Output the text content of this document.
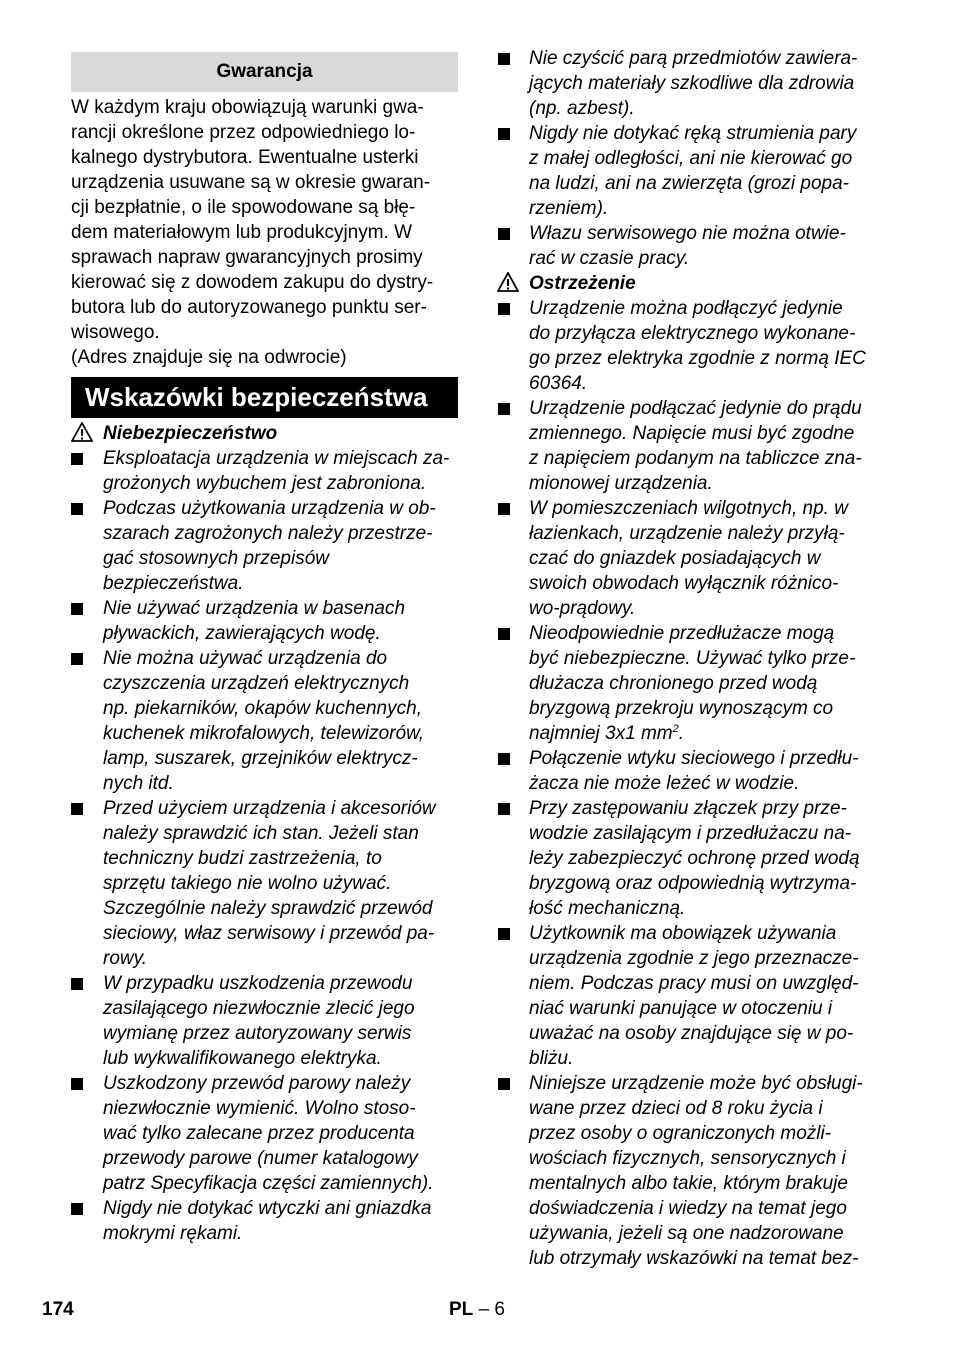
Gwarancja
W każdym kraju obowiązują warunki gwa-
rancji określone przez odpowiedniego lo-
kalnego dystrybutora. Ewentualne usterki
urządzenia usuwane są w okresie gwaran-
cji bezpłatnie, o ile spowodowane są błę-
dem materiałowym lub produkcyjnym. W
sprawach napraw gwarancyjnych prosimy
kierować się z dowodem zakupu do dystry-
butora lub do autoryzowanego punktu ser-
wisowego.
(Adres znajduje się na odwrocie)
Wskazówki bezpieczeństwa
Niebezpieczeństwo
Eksploatacja urządzenia w miejscach za-
grożonych wybuchem jest zabroniona.
Podczas użytkowania urządzenia w ob-
szarach zagrożonych należy przestrze-
gać stosownych przepisów
bezpieczeństwa.
Nie używać urządzenia w basenach
pływackich, zawierających wodę.
Nie można używać urządzenia do
czyszczenia urządzeń elektrycznych
np. piekarników, okapów kuchennych,
kuchenek mikrofalowych, telewizorów,
lamp, suszarek, grzejników elektrycz-
nych itd.
Przed użyciem urządzenia i akcesoriów
należy sprawdzić ich stan. Jeżeli stan
techniczny budzi zastrzeżenia, to
sprzętu takiego nie wolno używać.
Szczególnie należy sprawdzić przewód
sieciowy, właz serwisowy i przewód pa-
rowy.
W przypadku uszkodzenia przewodu
zasilającego niezwłocznie zlecić jego
wymianę przez autoryzowany serwis
lub wykwalifikowanego elektryka.
Uszkodzony przewód parowy należy
niezwłocznie wymienić. Wolno stoso-
wać tylko zalecane przez producenta
przewody parowe (numer katalogowy
patrz Specyfikacja części zamiennych).
Nigdy nie dotykać wtyczki ani gniazdka
mokrymi rękami.
Nie czyścić parą przedmiotów zawiera-
jących materiały szkodliwe dla zdrowia
(np. azbest).
Nigdy nie dotykać ręką strumienia pary
z małej odległości, ani nie kierować go
na ludzi, ani na zwierzęta (grozi popa-
rzeniem).
Włazu serwisowego nie można otwie-
rać w czasie pracy.
Ostrzeżenie
Urządzenie można podłączyć jedynie
do przyłącza elektrycznego wykonane-
go przez elektryka zgodnie z normą IEC
60364.
Urządzenie podłączać jedynie do prądu
zmiennego. Napięcie musi być zgodne
z napięciem podanym na tabliczce zna-
mionowej urządzenia.
W pomieszczeniach wilgotnych, np. w
łazienkach, urządzenie należy przyłą-
czać do gniazdek posiadających w
swoich obwodach wyłącznik różnico-
wo-prądowy.
Nieodpowiednie przedłużacze mogą
być niebezpieczne. Używać tylko prze-
dłużacza chronionego przed wodą
bryzgową przekroju wynoszącym co
najmniej 3x1 $mm^2$.
Połączenie wtyku sieciowego i przedłu-
żacza nie może leżeć w wodzie.
Przy zastępowaniu złączek przy prze-
wodzie zasilającym i przedłużaczu na-
leży zabezpieczyć ochronę przed wodą
bryzgową oraz odpowiednią wytrzyma-
łość mechaniczną.
Użytkownik ma obowiązek używania
urządzenia zgodnie z jego przeznacze-
niem. Podczas pracy musi on uwzględ-
niać warunki panujące w otoczeniu i
uważać na osoby znajdujące się w po-
bliżu.
Niniejsze urządzenie może być obsługi-
wane przez dzieci od 8 roku życia i
przez osoby o ograniczonych możli-
wościach fizycznych, sensorycznych i
mentalnych albo takie, którym brakuje
doświadczenia i wiedzy na temat jego
używania, jeżeli są one nadzorowane
lub otrzymały wskazówki na temat bez-
174	PL – 6
